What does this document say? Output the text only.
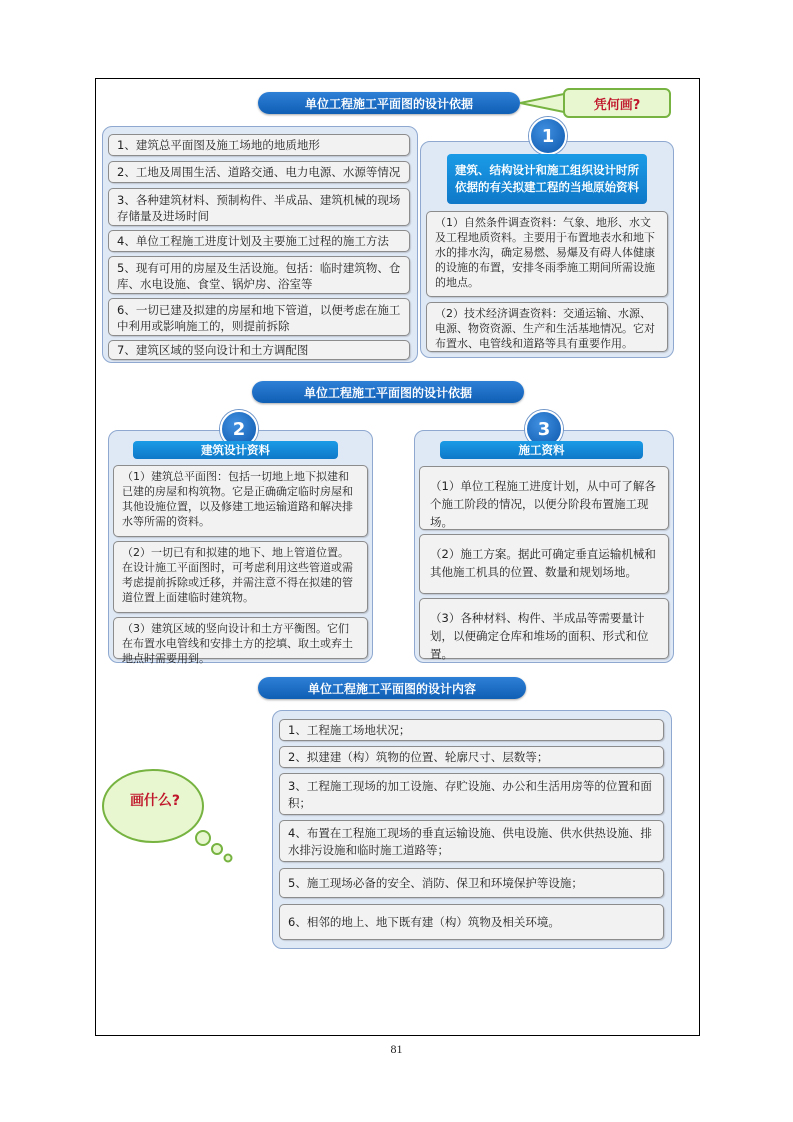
单位工程施工平面图的设计依据	凭何画?
1、建筑总平面图及施工场地的地质地形
2、工地及周围生活、道路交通、电力电源、水源等情况
3、各种建筑材料、预制构件、半成品、建筑机械的现场存储量及进场时间
4、单位工程施工进度计划及主要施工过程的施工方法
5、现有可用的房屋及生活设施。包括：临时建筑物、仓库、水电设施、食堂、锅炉房、浴室等
6、一切已建及拟建的房屋和地下管道，以便考虑在施工中利用或影响施工的，则提前拆除
7、建筑区域的竖向设计和土方调配图
1
建筑、结构设计和施工组织设计时所依据的有关拟建工程的当地原始资料
（1）自然条件调查资料：气象、地形、水文及工程地质资料。主要用于布置地表水和地下水的排水沟，确定易燃、易爆及有碍人体健康的设施的布置，安排冬雨季施工期间所需设施的地点。
（2）技术经济调查资料：交通运输、水源、电源、物资资源、生产和生活基地情况。它对布置水、电管线和道路等具有重要作用。
单位工程施工平面图的设计依据
2
建筑设计资料
（1）建筑总平面图：包括一切地上地下拟建和已建的房屋和构筑物。它是正确确定临时房屋和其他设施位置，以及修建工地运输道路和解决排水等所需的资料。
（2）一切已有和拟建的地下、地上管道位置。在设计施工平面图时，可考虑利用这些管道或需考虑提前拆除或迁移，并需注意不得在拟建的管道位置上面建临时建筑物。
（3）建筑区域的竖向设计和土方平衡图。它们在布置水电管线和安排土方的挖填、取土或弃土地点时需要用到。
3
施工资料
（1）单位工程施工进度计划，从中可了解各个施工阶段的情况，以便分阶段布置施工现场。
（2）施工方案。据此可确定垂直运输机械和其他施工机具的位置、数量和规划场地。
（3）各种材料、构件、半成品等需要量计划，以便确定仓库和堆场的面积、形式和位置。
单位工程施工平面图的设计内容
画什么?
1、工程施工场地状况；
2、拟建建（构）筑物的位置、轮廓尺寸、层数等；
3、工程施工现场的加工设施、存贮设施、办公和生活用房等的位置和面积；
4、布置在工程施工现场的垂直运输设施、供电设施、供水供热设施、排水排污设施和临时施工道路等；
5、施工现场必备的安全、消防、保卫和环境保护等设施；
6、相邻的地上、地下既有建（构）筑物及相关环境。
81
